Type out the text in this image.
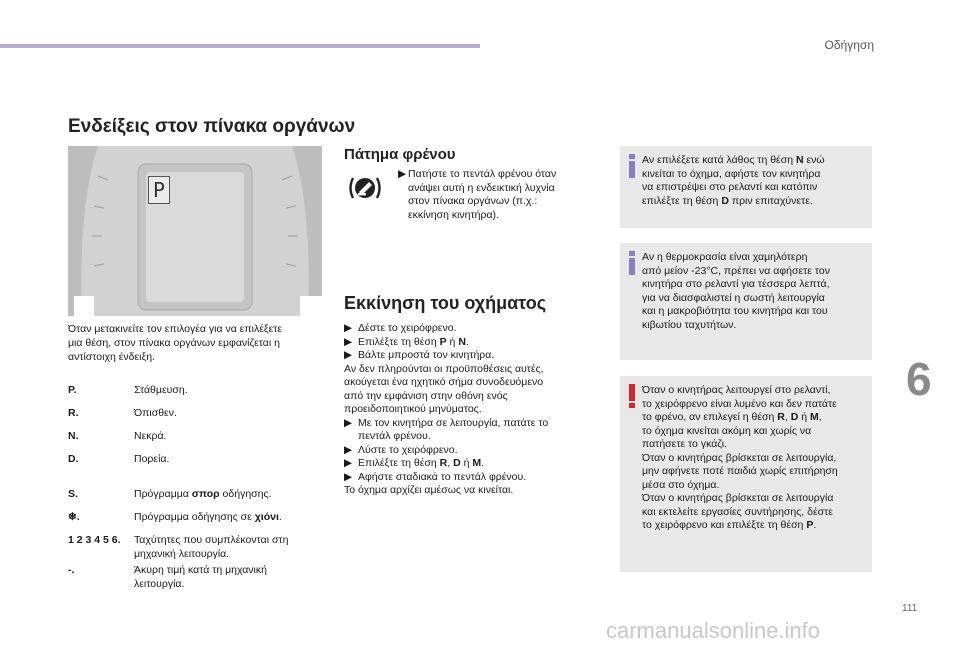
Οδήγηση
Ενδείξεις στον πίνακα οργάνων
P
Όταν μετακινείτε τον επιλογέα για να επιλέξετε
μια θέση, στον πίνακα οργάνων εμφανίζεται η
αντίστοιχη ένδειξη.
P.	Στάθμευση.
R.	Όπισθεν.
N.	Νεκρά.
D.	Πορεία.
S.	Πρόγραμμα σπορ οδήγησης.
❄.	Πρόγραμμα οδήγησης σε χιόνι.
1 2 3 4 5 6.	Ταχύτητες που συμπλέκονται στη
μηχανική λειτουργία.
-.	Άκυρη τιμή κατά τη μηχανική
λειτουργία.
Πάτημα φρένου
▶︎ Πατήστε το πεντάλ φρένου όταν
ανάψει αυτή η ενδεικτική λυχνία
στον πίνακα οργάνων (π.χ.:
εκκίνηση κινητήρα).
Εκκίνηση του οχήματος
▶︎ Δέστε το χειρόφρενο.
▶︎ Επιλέξτε τη θέση P ή N.
▶︎ Βάλτε μπροστά τον κινητήρα.
Αν δεν πληρούνται οι προϋποθέσεις αυτές,
ακούγεται ένα ηχητικό σήμα συνοδευόμενο
από την εμφάνιση στην οθόνη ενός
προειδοποιητικού μηνύματος.
▶︎ Με τον κινητήρα σε λειτουργία, πατάτε το
πεντάλ φρένου.
▶︎ Λύστε το χειρόφρενο.
▶︎ Επιλέξτε τη θέση R, D ή M.
▶︎ Αφήστε σταδιακά το πεντάλ φρένου.
Το όχημα αρχίζει αμέσως να κινείται.
Αν επιλέξετε κατά λάθος τη θέση N ενώ
κινείται το όχημα, αφήστε τον κινητήρα
να επιστρέψει στο ρελαντί και κατόπιν
επιλέξτε τη θέση D πριν επιταχύνετε.
Αν η θερμοκρασία είναι χαμηλότερη
από μείον -23°C, πρέπει να αφήσετε τον
κινητήρα στο ρελαντί για τέσσερα λεπτά,
για να διασφαλιστεί η σωστή λειτουργία
και η μακροβιότητα του κινητήρα και του
κιβωτίου ταχυτήτων.
Όταν ο κινητήρας λειτουργεί στο ρελαντί,
το χειρόφρενο είναι λυμένο και δεν πατάτε
το φρένο, αν επιλεγεί η θέση R, D ή M,
το όχημα κινείται ακόμη και χωρίς να
πατήσετε το γκάζι.
Όταν ο κινητήρας βρίσκεται σε λειτουργία,
μην αφήνετε ποτέ παιδιά χωρίς επιτήρηση
μέσα στο όχημα.
Όταν ο κινητήρας βρίσκεται σε λειτουργία
και εκτελείτε εργασίες συντήρησης, δέστε
το χειρόφρενο και επιλέξτε τη θέση P.
6
111
carmanualsonline.info
